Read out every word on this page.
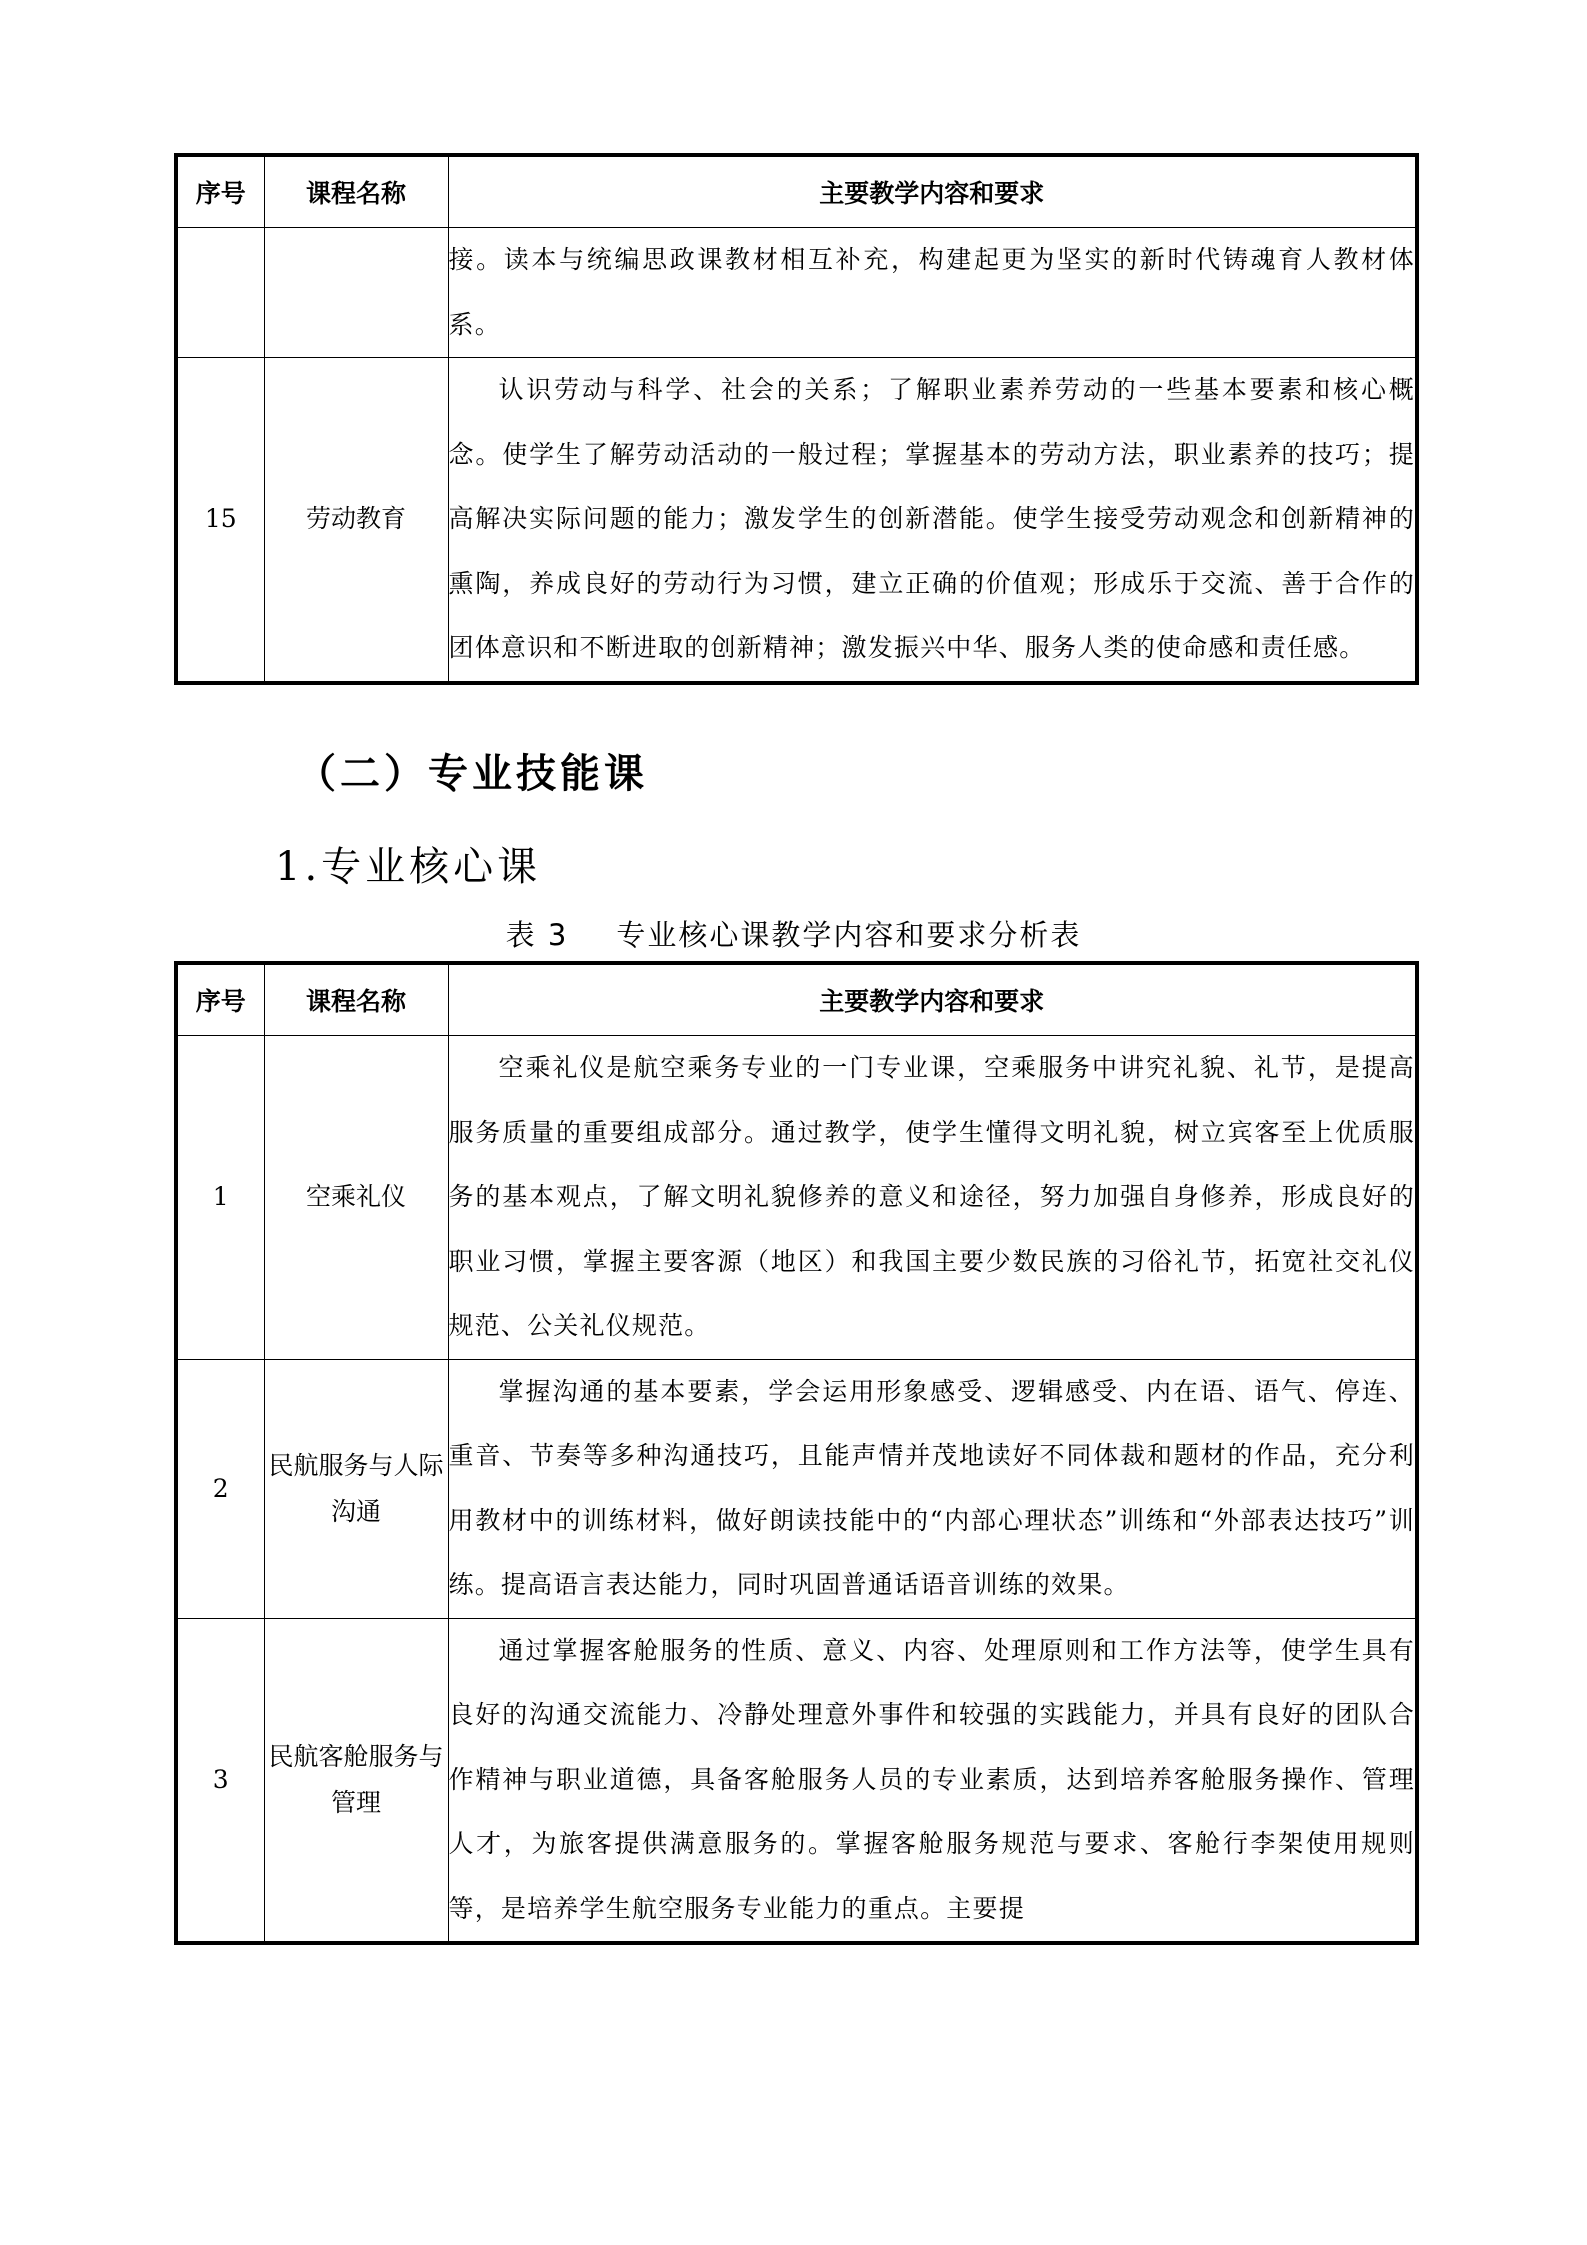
序号	课程名称	主要教学内容和要求
		接。读本与统编思政课教材相互补充，构建起更为坚实的新时代铸魂育人教材体系。
15	劳动教育	认识劳动与科学、社会的关系；了解职业素养劳动的一些基本要素和核心概念。使学生了解劳动活动的一般过程；掌握基本的劳动方法，职业素养的技巧；提高解决实际问题的能力；激发学生的创新潜能。使学生接受劳动观念和创新精神的熏陶，养成良好的劳动行为习惯，建立正确的价值观；形成乐于交流、善于合作的团体意识和不断进取的创新精神；激发振兴中华、服务人类的使命感和责任感。
（二）专业技能课
1.专业核心课
表 3 专业核心课教学内容和要求分析表
序号	课程名称	主要教学内容和要求
1	空乘礼仪	空乘礼仪是航空乘务专业的一门专业课，空乘服务中讲究礼貌、礼节，是提高服务质量的重要组成部分。通过教学，使学生懂得文明礼貌，树立宾客至上优质服务的基本观点，了解文明礼貌修养的意义和途径，努力加强自身修养，形成良好的职业习惯，掌握主要客源（地区）和我国主要少数民族的习俗礼节，拓宽社交礼仪规范、公关礼仪规范。

2	民航服务与人际沟通	掌握沟通的基本要素，学会运用形象感受、逻辑感受、内在语、语气、停连、重音、节奏等多种沟通技巧，且能声情并茂地读好不同体裁和题材的作品，充分利用教材中的训练材料，做好朗读技能中的“内部心理状态”训练和“外部表达技巧”训练。提高语言表达能力，同时巩固普通话语音训练的效果。

3	民航客舱服务与管理	通过掌握客舱服务的性质、意义、内容、处理原则和工作方法等，使学生具有良好的沟通交流能力、冷静处理意外事件和较强的实践能力，并具有良好的团队合作精神与职业道德，具备客舱服务人员的专业素质，达到培养客舱服务操作、管理人才，为旅客提供满意服务的。掌握客舱服务规范与要求、客舱行李架使用规则等，是培养学生航空服务专业能力的重点。主要提
